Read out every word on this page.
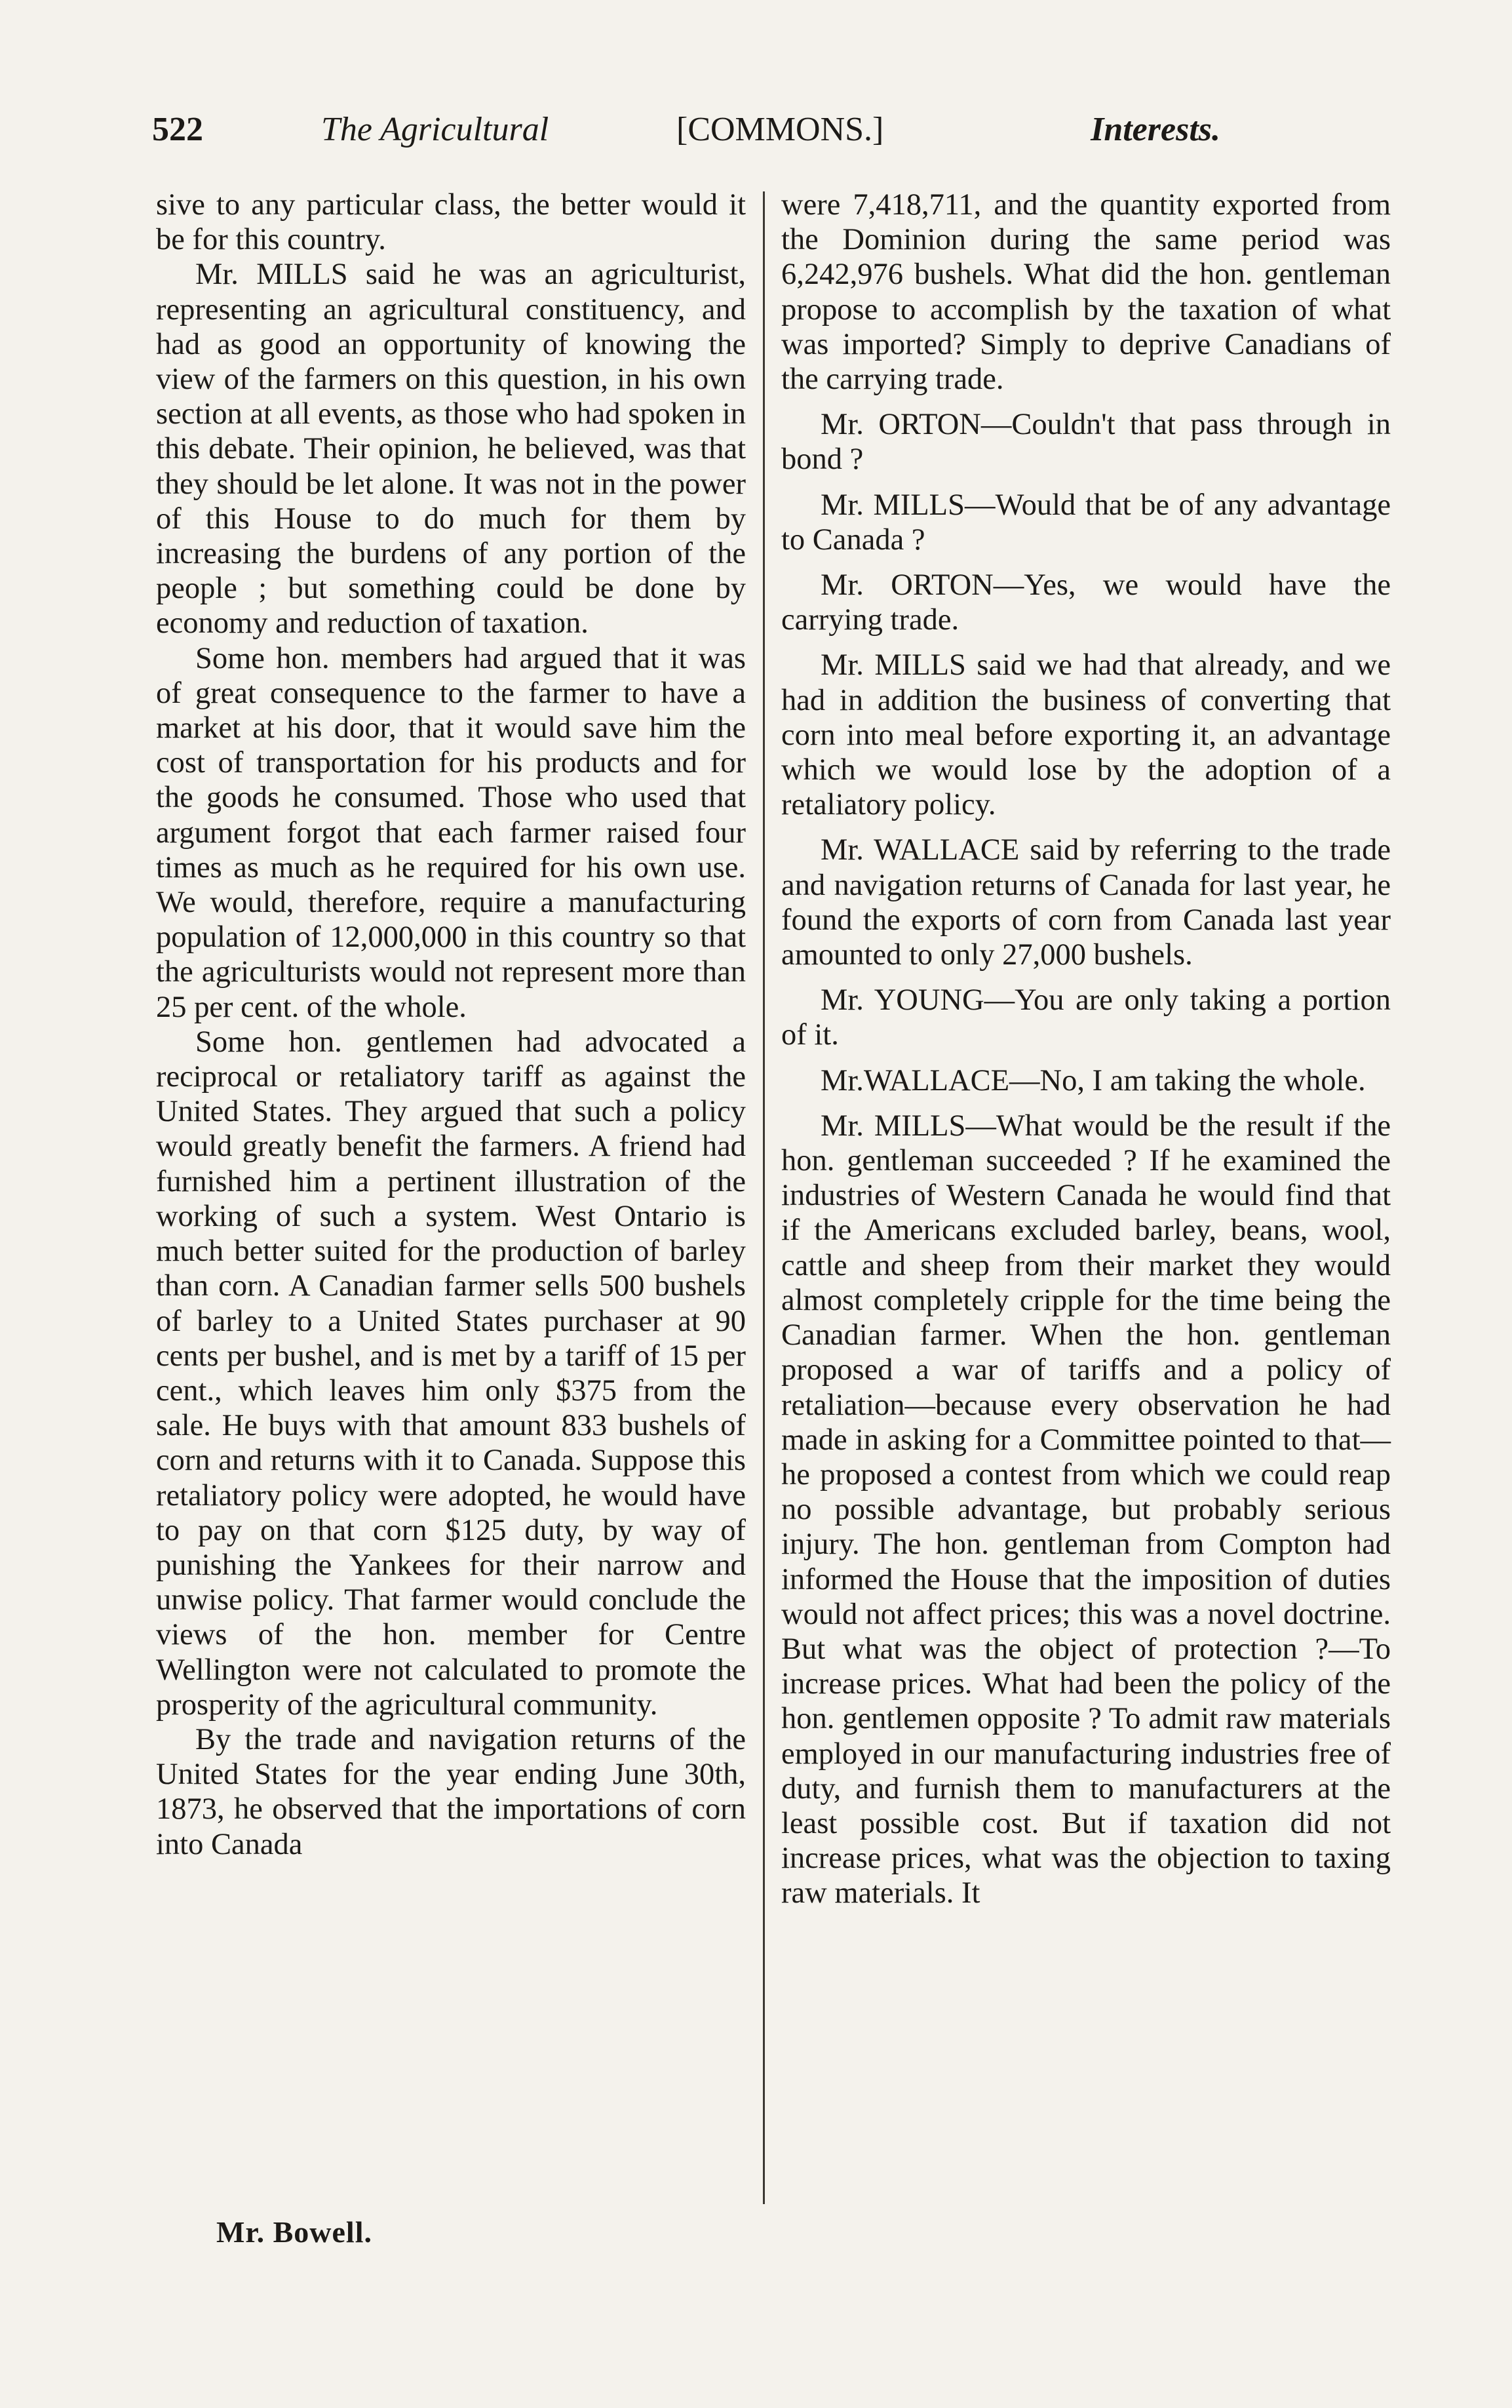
522	The Agricultural	[COMMONS.]	Interests.

sive to any particular class, the better would it be for this country.

Mr. MILLS said he was an agriculturist, representing an agricultural constituency, and had as good an opportunity of knowing the view of the farmers on this question, in his own section at all events, as those who had spoken in this debate. Their opinion, he believed, was that they should be let alone. It was not in the power of this House to do much for them by increasing the burdens of any portion of the people ; but something could be done by economy and reduction of taxation.

Some hon. members had argued that it was of great consequence to the farmer to have a market at his door, that it would save him the cost of transportation for his products and for the goods he consumed. Those who used that argument forgot that each farmer raised four times as much as he required for his own use. We would, therefore, require a manufacturing population of 12,000,000 in this country so that the agriculturists would not represent more than 25 per cent. of the whole.

Some hon. gentlemen had advocated a reciprocal or retaliatory tariff as against the United States. They argued that such a policy would greatly benefit the farmers. A friend had furnished him a pertinent illustration of the working of such a system. West Ontario is much better suited for the production of barley than corn. A Canadian farmer sells 500 bushels of barley to a United States purchaser at 90 cents per bushel, and is met by a tariff of 15 per cent., which leaves him only $375 from the sale. He buys with that amount 833 bushels of corn and returns with it to Canada. Suppose this retaliatory policy were adopted, he would have to pay on that corn $125 duty, by way of punishing the Yankees for their narrow and unwise policy. That farmer would conclude the views of the hon. member for Centre Wellington were not calculated to promote the prosperity of the agricultural community.

By the trade and navigation returns of the United States for the year ending June 30th, 1873, he observed that the importations of corn into Canada

were 7,418,711, and the quantity exported from the Dominion during the same period was 6,242,976 bushels. What did the hon. gentleman propose to accomplish by the taxation of what was imported? Simply to deprive Canadians of the carrying trade.

Mr. ORTON—Couldn't that pass through in bond ?

Mr. MILLS—Would that be of any advantage to Canada ?

Mr. ORTON—Yes, we would have the carrying trade.

Mr. MILLS said we had that already, and we had in addition the business of converting that corn into meal before exporting it, an advantage which we would lose by the adoption of a retaliatory policy.

Mr. WALLACE said by referring to the trade and navigation returns of Canada for last year, he found the exports of corn from Canada last year amounted to only 27,000 bushels.

Mr. YOUNG—You are only taking a portion of it.

Mr.WALLACE—No, I am taking the whole.

Mr. MILLS—What would be the result if the hon. gentleman succeeded ? If he examined the industries of Western Canada he would find that if the Americans excluded barley, beans, wool, cattle and sheep from their market they would almost completely cripple for the time being the Canadian farmer. When the hon. gentleman proposed a war of tariffs and a policy of retaliation—because every observation he had made in asking for a Committee pointed to that—he proposed a contest from which we could reap no possible advantage, but probably serious injury. The hon. gentleman from Compton had informed the House that the imposition of duties would not affect prices; this was a novel doctrine. But what was the object of protection ?—To increase prices. What had been the policy of the hon. gentlemen opposite ? To admit raw materials employed in our manufacturing industries free of duty, and furnish them to manufacturers at the least possible cost. But if taxation did not increase prices, what was the objection to taxing raw materials. It

Mr. Bowell.
